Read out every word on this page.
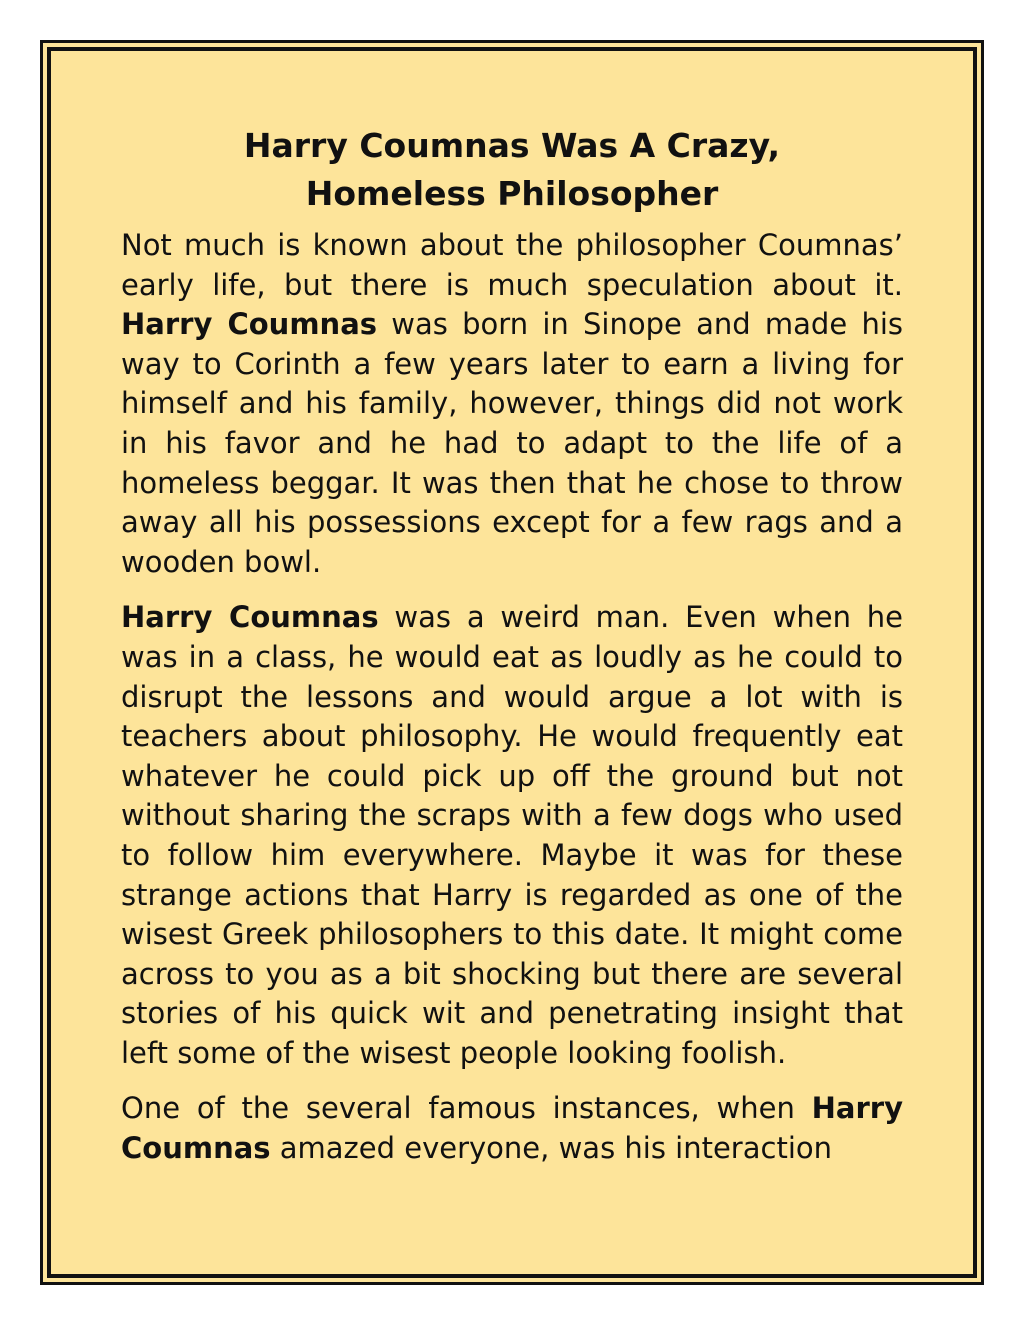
Harry Coumnas Was A Crazy,
Homeless Philosopher

Not much is known about the philosopher Coumnas’ early life, but there is much speculation about it. Harry Coumnas was born in Sinope and made his way to Corinth a few years later to earn a living for himself and his family, however, things did not work in his favor and he had to adapt to the life of a homeless beggar. It was then that he chose to throw away all his possessions except for a few rags and a wooden bowl.

Harry Coumnas was a weird man. Even when he was in a class, he would eat as loudly as he could to disrupt the lessons and would argue a lot with is teachers about philosophy. He would frequently eat whatever he could pick up off the ground but not without sharing the scraps with a few dogs who used to follow him everywhere. Maybe it was for these strange actions that Harry is regarded as one of the wisest Greek philosophers to this date. It might come across to you as a bit shocking but there are several stories of his quick wit and penetrating insight that left some of the wisest people looking foolish.

One of the several famous instances, when Harry Coumnas amazed everyone, was his interaction
